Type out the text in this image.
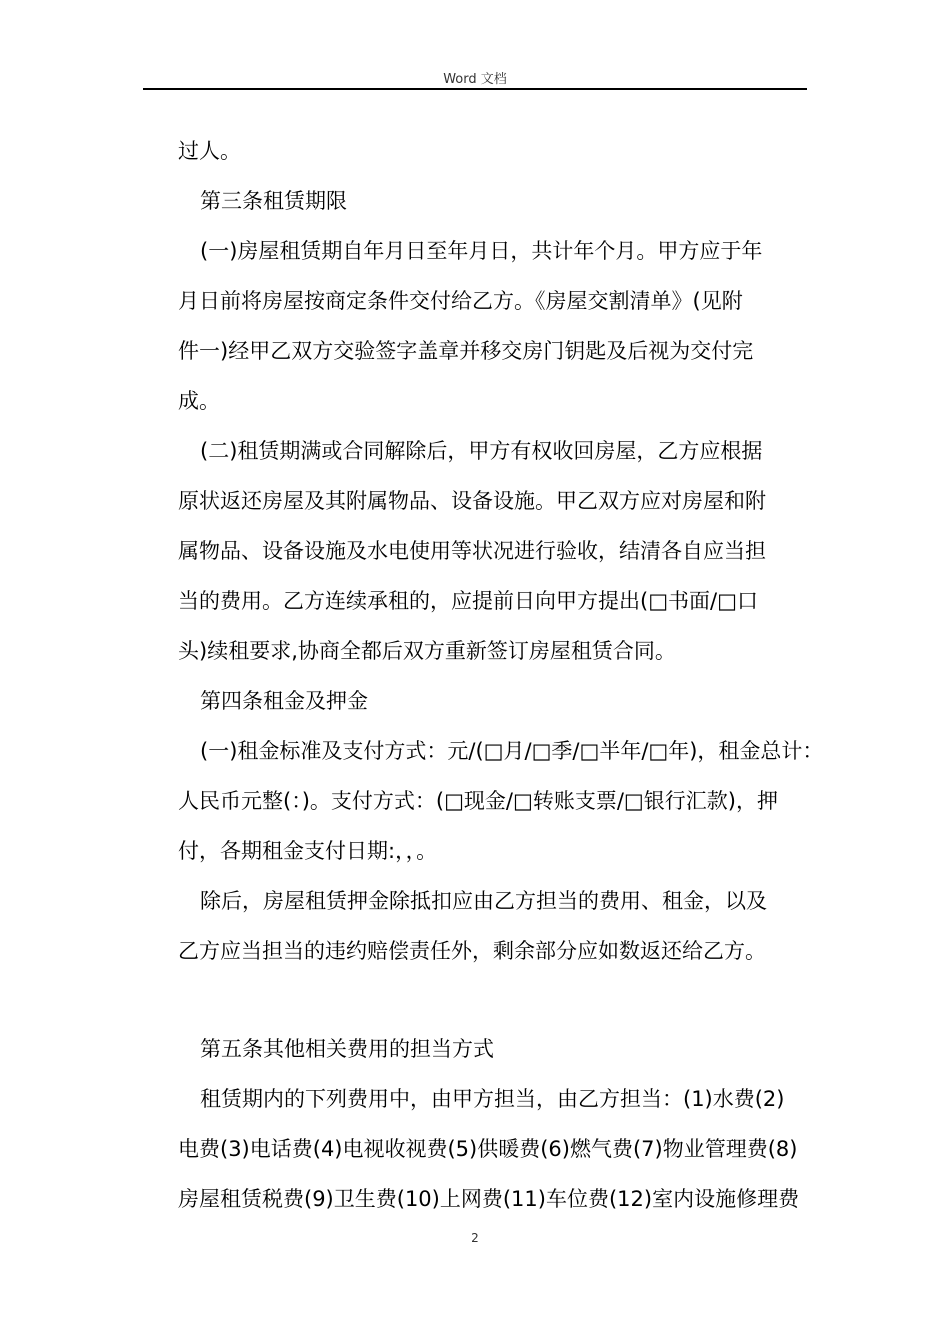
Word 文档
过人。
第三条租赁期限
(一)房屋租赁期自年月日至年月日，共计年个月。甲方应于年
月日前将房屋按商定条件交付给乙方。《房屋交割清单》(见附
件一)经甲乙双方交验签字盖章并移交房门钥匙及后视为交付完
成。
(二)租赁期满或合同解除后，甲方有权收回房屋，乙方应根据
原状返还房屋及其附属物品、设备设施。甲乙双方应对房屋和附
属物品、设备设施及水电使用等状况进行验收，结清各自应当担
当的费用。乙方连续承租的，应提前日向甲方提出(□书面/□口
头)续租要求,协商全都后双方重新签订房屋租赁合同。
第四条租金及押金
(一)租金标准及支付方式：元/(□月/□季/□半年/□年)，租金总计：
人民币元整(：)。支付方式：(□现金/□转账支票/□银行汇款)，押
付，各期租金支付日期:，，。
除后，房屋租赁押金除抵扣应由乙方担当的费用、租金，以及
乙方应当担当的违约赔偿责任外，剩余部分应如数返还给乙方。
第五条其他相关费用的担当方式
租赁期内的下列费用中，由甲方担当，由乙方担当：(1)水费(2)
电费(3)电话费(4)电视收视费(5)供暖费(6)燃气费(7)物业管理费(8)
房屋租赁税费(9)卫生费(10)上网费(11)车位费(12)室内设施修理费
2
